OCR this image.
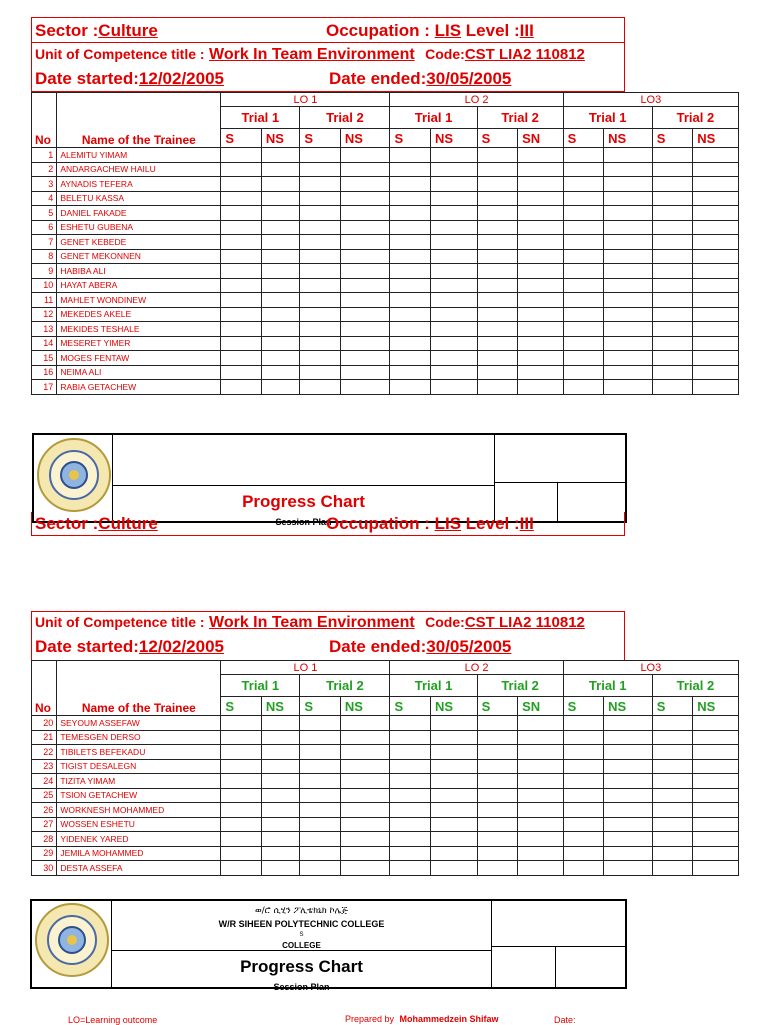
Sector :Culture	Occupation : LIS Level :III
Unit of Competence title : Work In Team Environment Code:CST LIA2 110812
Date started:12/02/2005	Date ended:30/05/2005
No	Name of the Trainee	LO 1				LO 2				LO3			
		Trial 1		Trial 2		Trial 1		Trial 2		Trial 1		Trial 2	
		S	NS	S	NS	S	NS	S	SN	S	NS	S	NS
1	ALEMITU YIMAM												
2	ANDARGACHEW HAILU												
3	AYNADIS TEFERA												
4	BELETU KASSA												
5	DANIEL FAKADE												
6	ESHETU GUBENA												
7	GENET KEBEDE												
8	GENET MEKONNEN												
9	HABIBA ALI												
10	HAYAT ABERA												
11	MAHLET WONDINEW												
12	MEKEDES AKELE												
13	MEKIDES TESHALE												
14	MESERET YIMER												
15	MOGES FENTAW												
16	NEIMA ALI												
17	RABIA GETACHEW												
Progress Chart
Session Plan
Sector :Culture	Occupation : LIS Level :III
Unit of Competence title : Work In Team Environment Code:CST LIA2 110812
Date started:12/02/2005	Date ended:30/05/2005
No	Name of the Trainee	LO 1				LO 2				LO3			
		Trial 1		Trial 2		Trial 1		Trial 2		Trial 1		Trial 2	
		S	NS	S	NS	S	NS	S	SN	S	NS	S	NS
20	SEYOUM ASSEFAW												
21	TEMESGEN DERSO												
22	TIBILETS BEFEKADU												
23	TIGIST DESALEGN												
24	TIZITA YIMAM												
25	TSION GETACHEW												
26	WORKNESH MOHAMMED												
27	WOSSEN ESHETU												
28	YIDENEK YARED												
29	JEMILA MOHAMMED												
30	DESTA ASSEFA												
ወ/ሮ ሲሂን ፖሊቴክኒክ ኮሌጅ
W/R SIHEEN POLYTECHNIC COLLEGE
S
COLLEGE
Progress Chart
Session Plan
LO=Learning outcome	Prepared by Mohammedzein Shifaw	Date:
